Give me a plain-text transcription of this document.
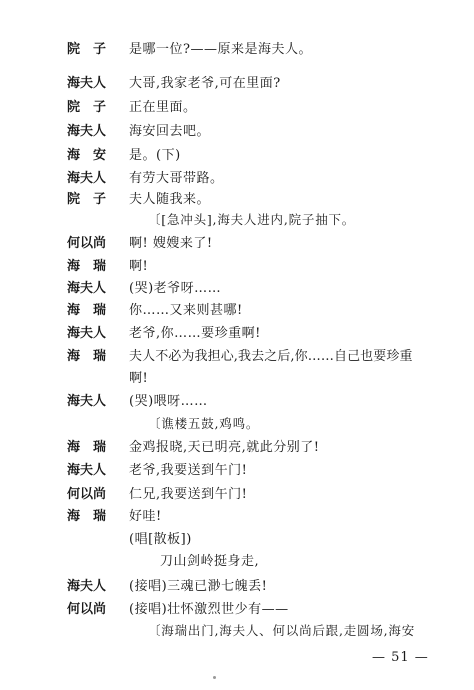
院　子 是哪一位?——原来是海夫人。
海夫人 大哥,我家老爷,可在里面?
院　子 正在里面。
海夫人 海安回去吧。
海　安 是。(下)
海夫人 有劳大哥带路。
院　子 夫人随我来。
〔[急冲头],海夫人进内,院子抽下。
何以尚 啊! 嫂嫂来了!
海　瑞 啊!
海夫人 (哭)老爷呀……
海　瑞 你……又来则甚哪!
海夫人 老爷,你……要珍重啊!
海　瑞 夫人不必为我担心,我去之后,你……自己也要珍重
啊!
海夫人 (哭)喂呀……
〔谯楼五鼓,鸡鸣。
海　瑞 金鸡报晓,天已明亮,就此分别了!
海夫人 老爷,我要送到午门!
何以尚 仁兄,我要送到午门!
海　瑞 好哇!
(唱[散板])
刀山剑岭挺身走,
海夫人 (接唱)三魂已渺七魄丢!
何以尚 (接唱)壮怀激烈世少有——
〔海瑞出门,海夫人、何以尚后跟,走圆场,海安
— 51 —
